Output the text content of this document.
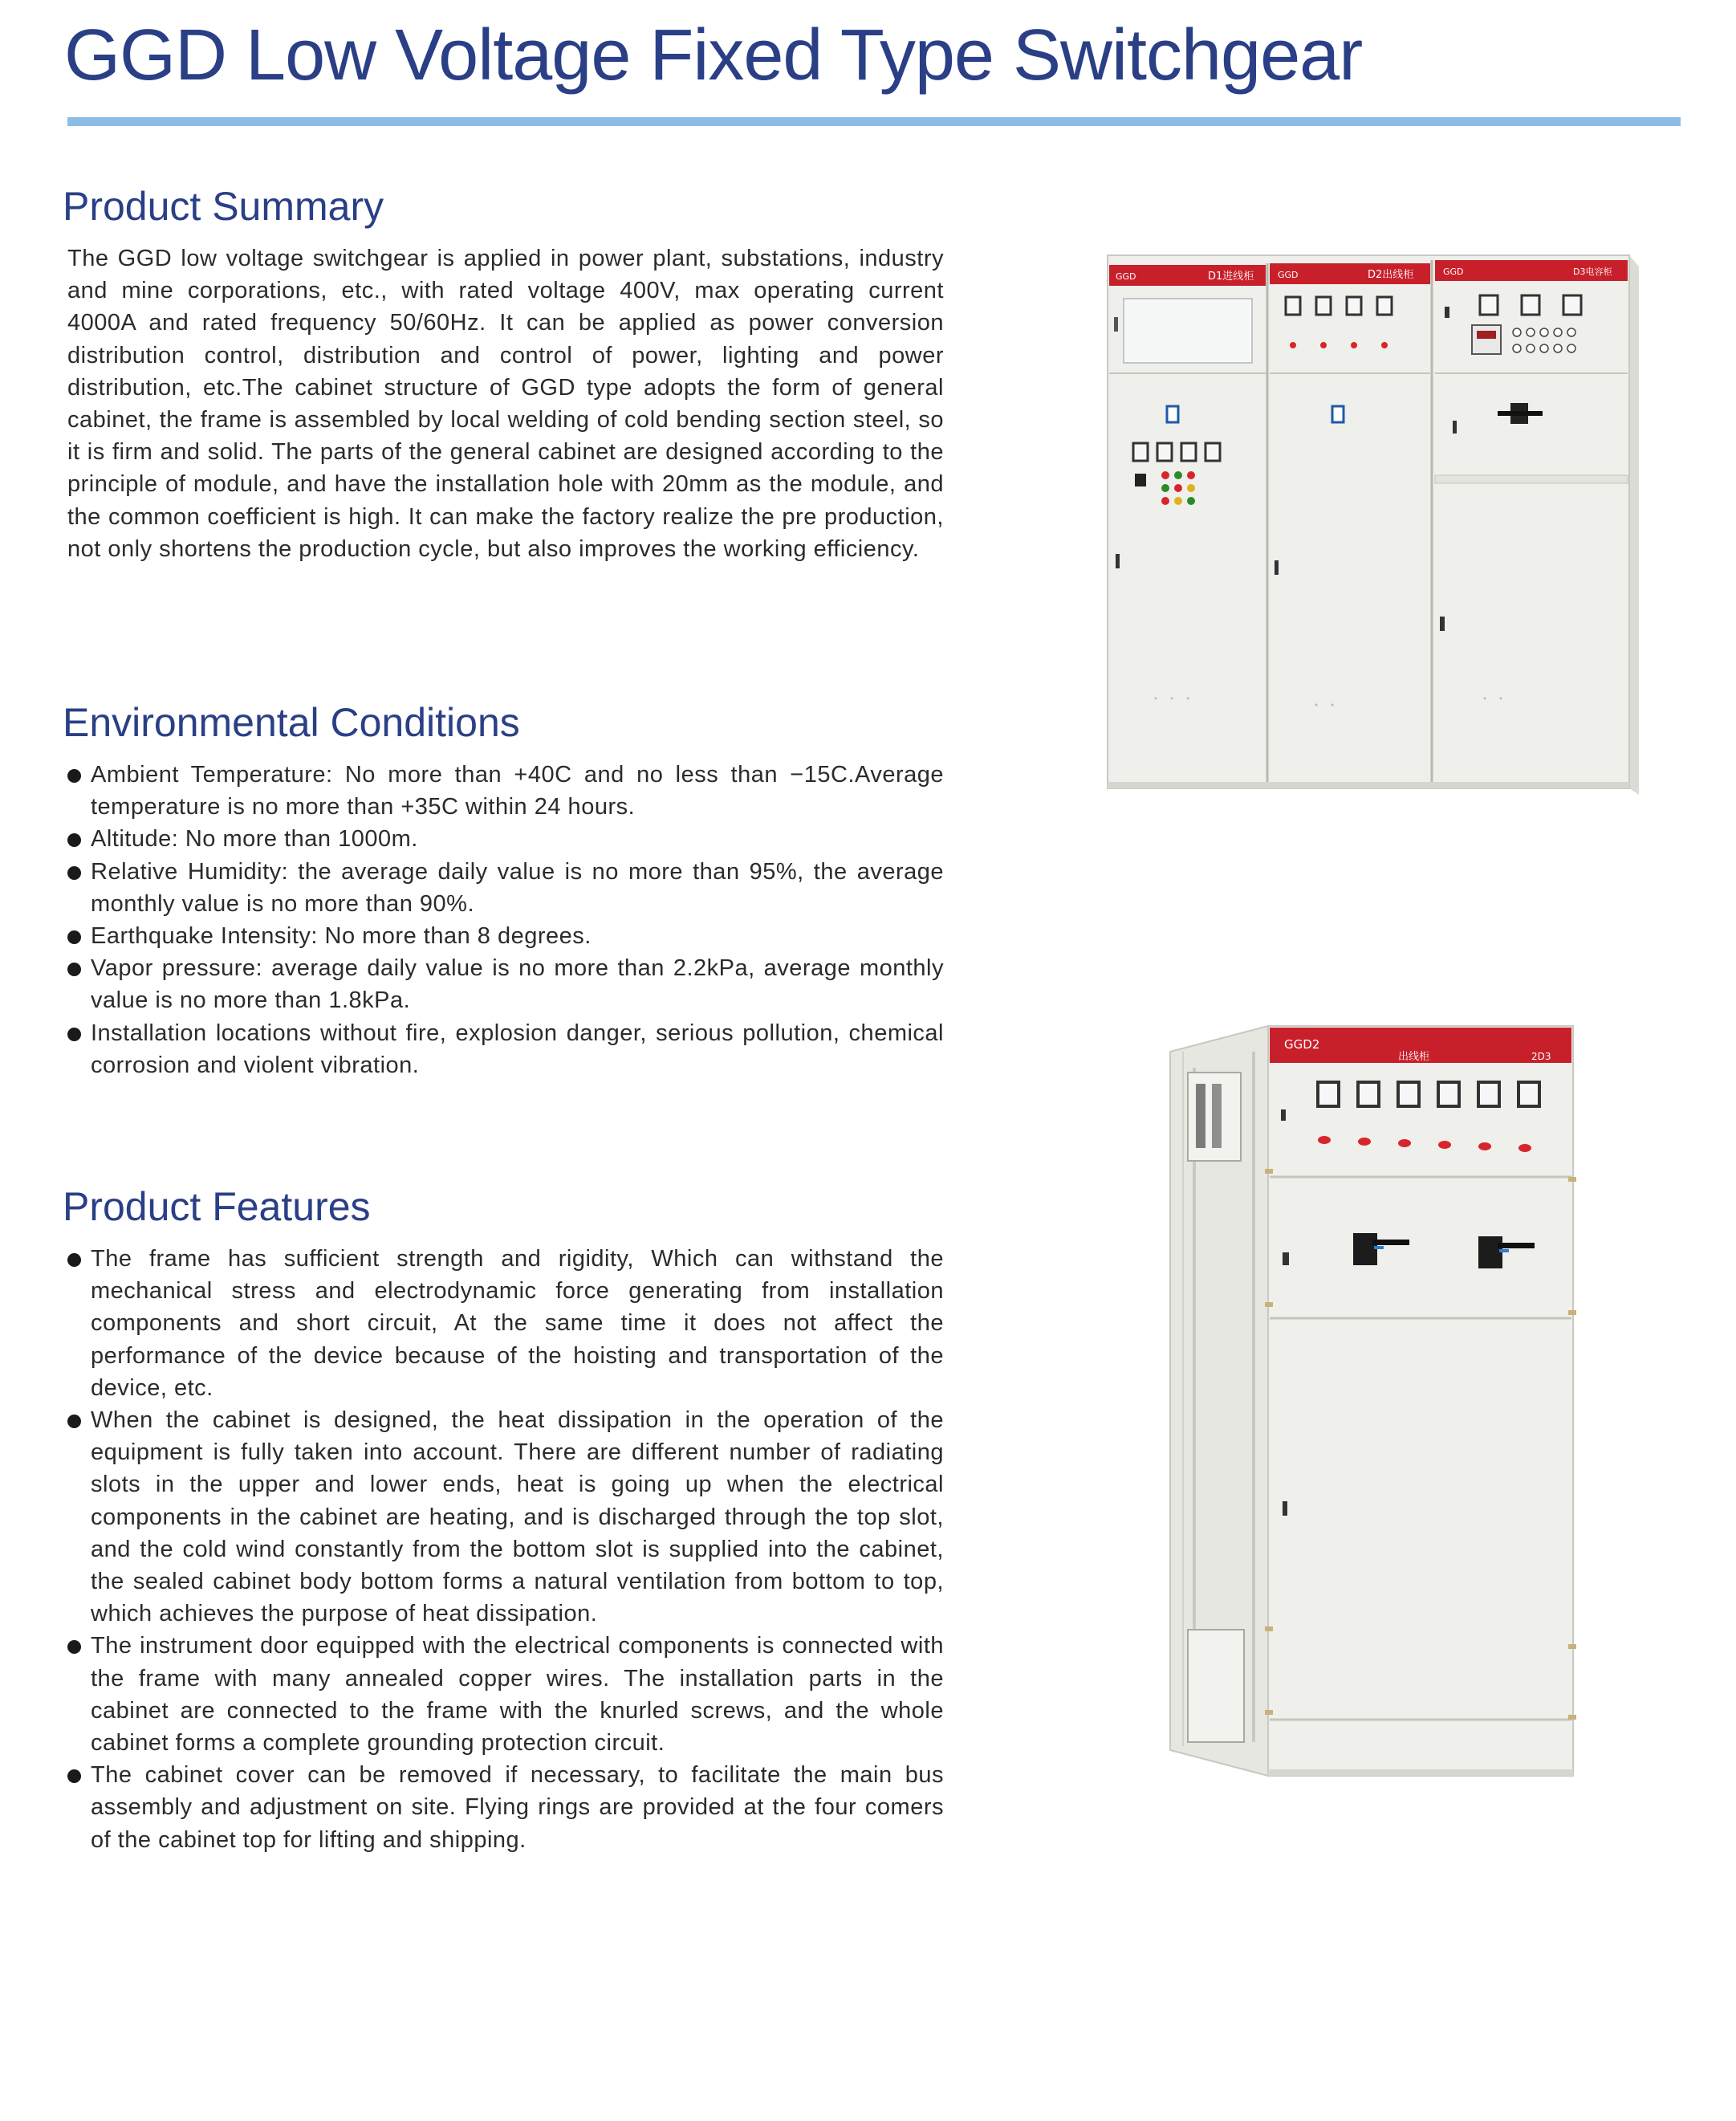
GGD Low Voltage Fixed Type Switchgear
Product Summary

The GGD low voltage switchgear is applied in power plant, substations, industry and mine corporations, etc., with rated voltage 400V, max operating current 4000A and rated frequency 50/60Hz. It can be applied as power conversion distribution control, distribution and control of power, lighting and power distribution, etc.The cabinet structure of GGD type adopts the form of general cabinet, the frame is assembled by local welding of cold bending section steel, so it is firm and solid. The parts of the general cabinet are designed according to the principle of module, and have the installation hole with 20mm as the module, and the common coefficient is high. It can make the factory realize the pre production, not only shortens the production cycle, but also improves the working efficiency.

Environmental Conditions
Ambient Temperature: No more than +40C and no less than −15C.Average temperature is no more than +35C within 24 hours.
Altitude: No more than 1000m.
Relative Humidity: the average daily value is no more than 95%, the average monthly value is no more than 90%.
Earthquake Intensity: No more than 8 degrees.
Vapor pressure: average daily value is no more than 2.2kPa, average monthly value is no more than 1.8kPa.
Installation locations without fire, explosion danger, serious pollution, chemical corrosion and violent vibration.
Product Features
The frame has sufficient strength and rigidity, Which can withstand the mechanical stress and electrodynamic force generating from installation components and short circuit, At the same time it does not affect the performance of the device because of the hoisting and transportation of the device, etc.
When the cabinet is designed, the heat dissipation in the operation of the equipment is fully taken into account. There are different number of radiating slots in the upper and lower ends, heat is going up when the electrical components in the cabinet are heating, and is discharged through the top slot, and the cold wind constantly from the bottom slot is supplied into the cabinet, the sealed cabinet body bottom forms a natural ventilation from bottom to top, which achieves the purpose of heat dissipation.
The instrument door equipped with the electrical components is connected with the frame with many annealed copper wires. The installation parts in the cabinet are connected to the frame with the knurled screws, and the whole cabinet forms a complete grounding protection circuit.
The cabinet cover can be removed if necessary, to facilitate the main bus assembly and adjustment on site. Flying rings are provided at the four comers of the cabinet top for lifting and shipping.
GGD	D1进线柜	GGD	D2出线柜	GGD	D3电容柜
GGD2
出线柜	2D3
